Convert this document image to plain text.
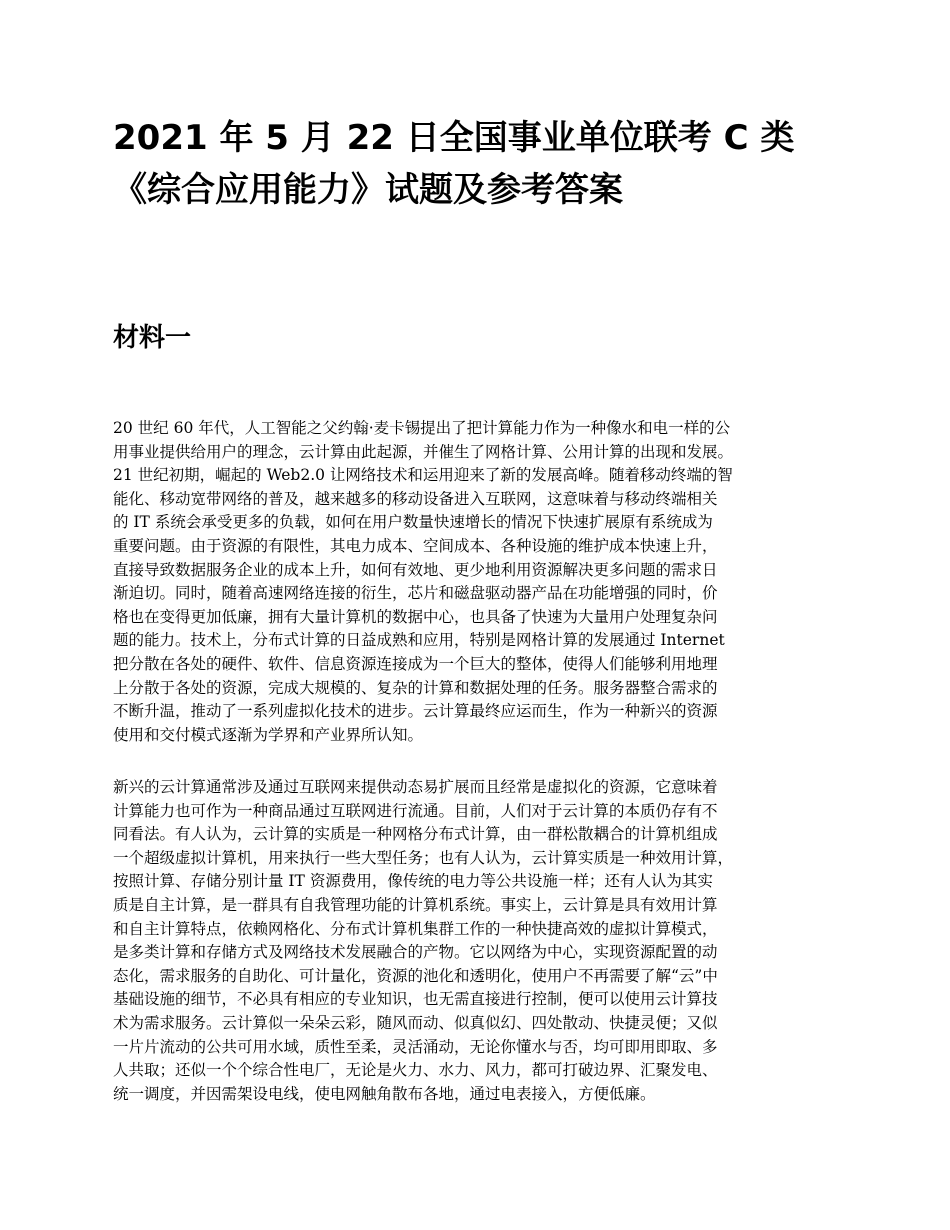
2021 年 5 月 22 日全国事业单位联考 C 类
《综合应用能力》试题及参考答案
材料一
20 世纪 60 年代，人工智能之父约翰·麦卡锡提出了把计算能力作为一种像水和电一样的公
用事业提供给用户的理念，云计算由此起源，并催生了网格计算、公用计算的出现和发展。
21 世纪初期，崛起的 Web2.0 让网络技术和运用迎来了新的发展高峰。随着移动终端的智
能化、移动宽带网络的普及，越来越多的移动设备进入互联网，这意味着与移动终端相关
的 IT 系统会承受更多的负载，如何在用户数量快速增长的情况下快速扩展原有系统成为
重要问题。由于资源的有限性，其电力成本、空间成本、各种设施的维护成本快速上升，
直接导致数据服务企业的成本上升，如何有效地、更少地利用资源解决更多问题的需求日
渐迫切。同时，随着高速网络连接的衍生，芯片和磁盘驱动器产品在功能增强的同时，价
格也在变得更加低廉，拥有大量计算机的数据中心，也具备了快速为大量用户处理复杂问
题的能力。技术上，分布式计算的日益成熟和应用，特别是网格计算的发展通过 Internet
把分散在各处的硬件、软件、信息资源连接成为一个巨大的整体，使得人们能够利用地理
上分散于各处的资源，完成大规模的、复杂的计算和数据处理的任务。服务器整合需求的
不断升温，推动了一系列虚拟化技术的进步。云计算最终应运而生，作为一种新兴的资源
使用和交付模式逐渐为学界和产业界所认知。
新兴的云计算通常涉及通过互联网来提供动态易扩展而且经常是虚拟化的资源，它意味着
计算能力也可作为一种商品通过互联网进行流通。目前，人们对于云计算的本质仍存有不
同看法。有人认为，云计算的实质是一种网格分布式计算，由一群松散耦合的计算机组成
一个超级虚拟计算机，用来执行一些大型任务；也有人认为，云计算实质是一种效用计算，
按照计算、存储分别计量 IT 资源费用，像传统的电力等公共设施一样；还有人认为其实
质是自主计算，是一群具有自我管理功能的计算机系统。事实上，云计算是具有效用计算
和自主计算特点，依赖网格化、分布式计算机集群工作的一种快捷高效的虚拟计算模式，
是多类计算和存储方式及网络技术发展融合的产物。它以网络为中心，实现资源配置的动
态化，需求服务的自助化、可计量化，资源的池化和透明化，使用户不再需要了解“云”中
基础设施的细节，不必具有相应的专业知识，也无需直接进行控制，便可以使用云计算技
术为需求服务。云计算似一朵朵云彩，随风而动、似真似幻、四处散动、快捷灵便；又似
一片片流动的公共可用水域，质性至柔，灵活涌动，无论你懂水与否，均可即用即取、多
人共取；还似一个个综合性电厂，无论是火力、水力、风力，都可打破边界、汇聚发电、
统一调度，并因需架设电线，使电网触角散布各地，通过电表接入，方便低廉。
